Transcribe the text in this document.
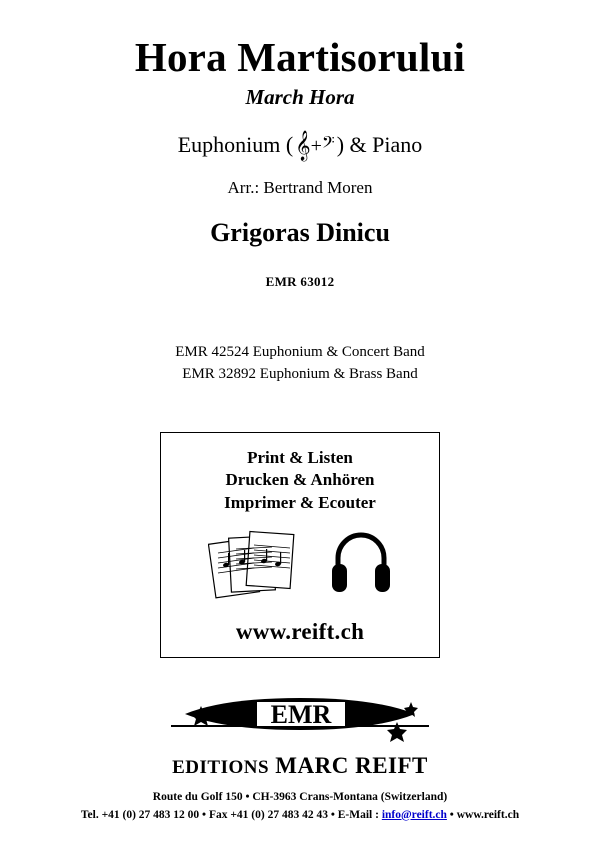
Hora Martisorului
March Hora
Euphonium ( 𝄞 + 𝄢 ) & Piano
Arr.: Bertrand Moren
Grigoras Dinicu
EMR 63012
EMR 42524 Euphonium & Concert Band
EMR 32892 Euphonium & Brass Band
Print & Listen
Drucken & Anhören
Imprimer & Ecouter
www.reift.ch
EMR
EDITIONS MARC REIFT
Route du Golf 150 • CH-3963 Crans-Montana (Switzerland)
Tel. +41 (0) 27 483 12 00 • Fax +41 (0) 27 483 42 43 • E-Mail : info@reift.ch • www.reift.ch
